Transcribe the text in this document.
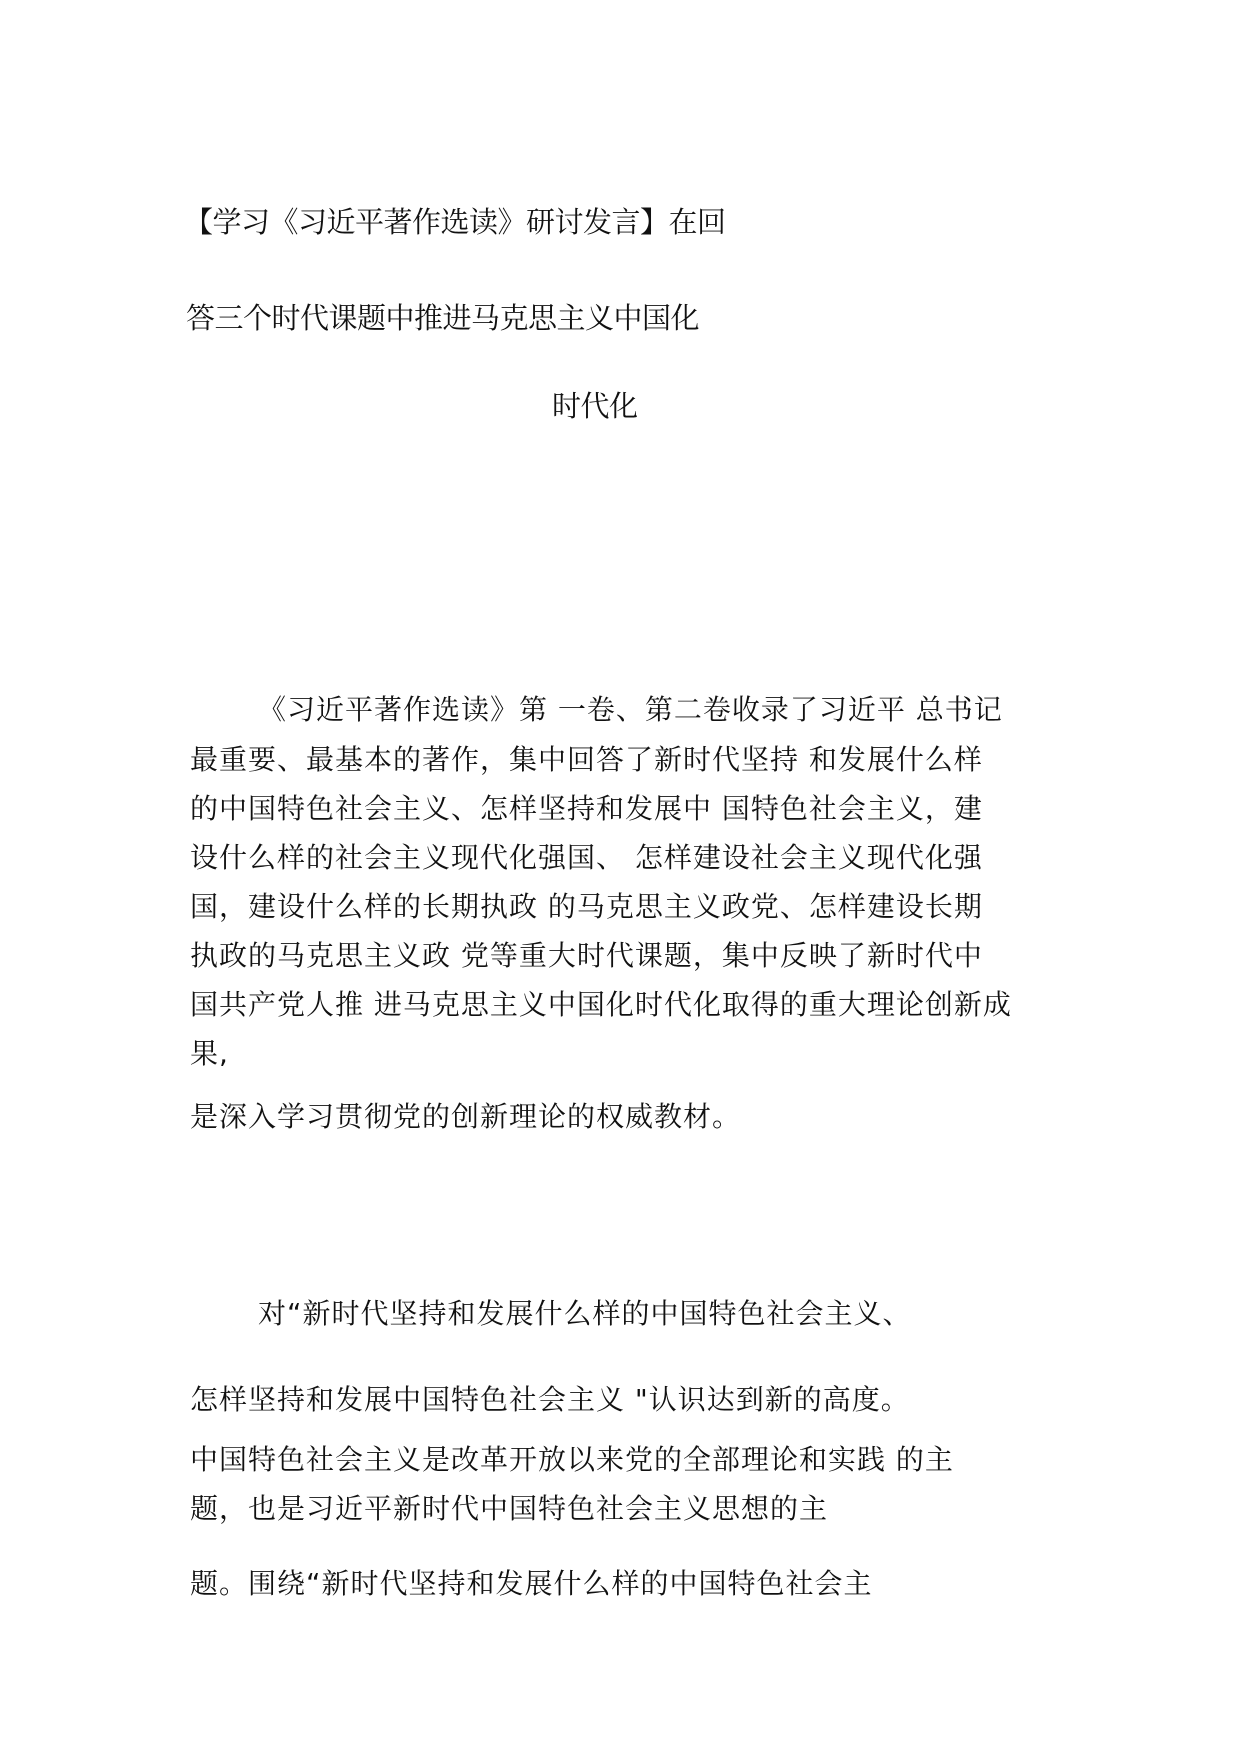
【学习《习近平著作选读》研讨发言】在回

答三个时代课题中推进马克思主义中国化

时代化

《习近平著作选读》第 一卷、第二卷收录了习近平 总书记

最重要、最基本的著作，集中回答了新时代坚持 和发展什么样

的中国特色社会主义、怎样坚持和发展中 国特色社会主义，建

设什么样的社会主义现代化强国、 怎样建设社会主义现代化强

国，建设什么样的长期执政 的马克思主义政党、怎样建设长期

执政的马克思主义政 党等重大时代课题，集中反映了新时代中

国共产党人推 进马克思主义中国化时代化取得的重大理论创新成

果,

是深入学习贯彻党的创新理论的权威教材。

对“新时代坚持和发展什么样的中国特色社会主义、

怎样坚持和发展中国特色社会主义 "认识达到新的高度。

中国特色社会主义是改革开放以来党的全部理论和实践 的主

题，也是习近平新时代中国特色社会主义思想的主

题。围绕“新时代坚持和发展什么样的中国特色社会主
